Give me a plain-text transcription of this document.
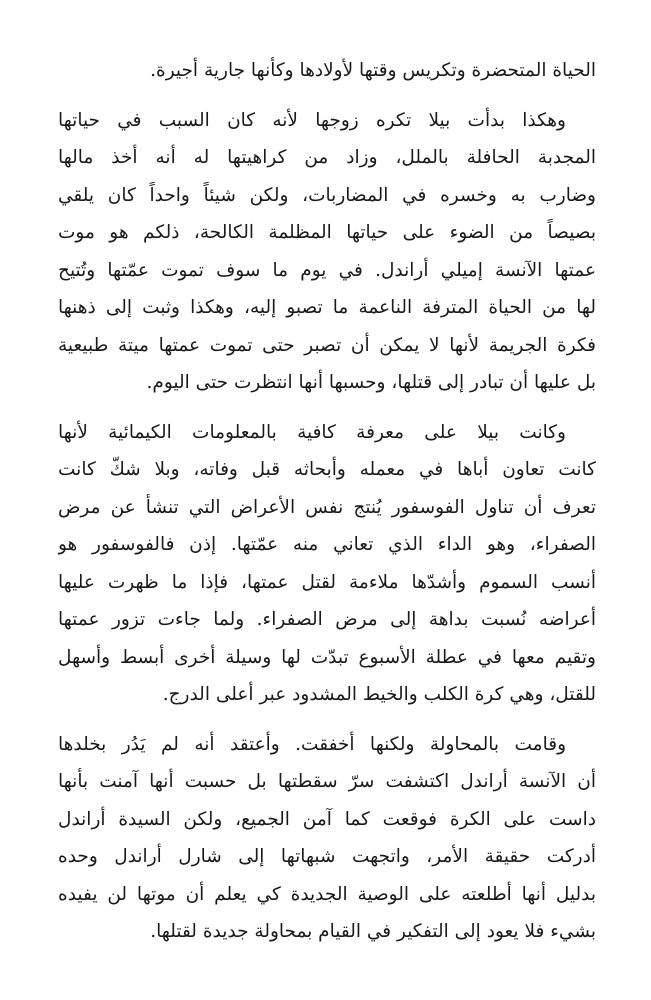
الحياة المتحضرة وتكريس وقتها لأولادها وكأنها جارية أجيرة.
وهكذا بدأت بيلا تكره زوجها لأنه كان السبب في حياتها
المجدبة الحافلة بالملل، وزاد من كراهيتها له أنه أخذ مالها
وضارب به وخسره في المضاربات، ولكن شيئاً واحداً كان يلقي
بصيصاً من الضوء على حياتها المظلمة الكالحة، ذلكم هو موت
عمتها الآنسة إميلي أراندل. في يوم ما سوف تموت عمّتها وتُتيح
لها من الحياة المترفة الناعمة ما تصبو إليه، وهكذا وثبت إلى ذهنها
فكرة الجريمة لأنها لا يمكن أن تصبر حتى تموت عمتها ميتة طبيعية
بل عليها أن تبادر إلى قتلها، وحسبها أنها انتظرت حتى اليوم.
وكانت بيلا على معرفة كافية بالمعلومات الكيمائية لأنها
كانت تعاون أباها في معمله وأبحاثه قبل وفاته، وبلا شكّ كانت
تعرف أن تناول الفوسفور يُنتج نفس الأعراض التي تنشأ عن مرض
الصفراء، وهو الداء الذي تعاني منه عمّتها. إذن فالفوسفور هو
أنسب السموم وأشدّها ملاءمة لقتل عمتها، فإذا ما ظهرت عليها
أعراضه نُسبت بداهة إلى مرض الصفراء. ولما جاءت تزور عمتها
وتقيم معها في عطلة الأسبوع تبدّت لها وسيلة أخرى أبسط وأسهل
للقتل، وهي كرة الكلب والخيط المشدود عبر أعلى الدرج.
وقامت بالمحاولة ولكنها أخفقت. وأعتقد أنه لم يَدُر بخلدها
أن الآنسة أراندل اكتشفت سرّ سقطتها بل حسبت أنها آمنت بأنها
داست على الكرة فوقعت كما آمن الجميع، ولكن السيدة أراندل
أدركت حقيقة الأمر، واتجهت شبهاتها إلى شارل أراندل وحده
بدليل أنها أطلعته على الوصية الجديدة كي يعلم أن موتها لن يفيده
بشيء فلا يعود إلى التفكير في القيام بمحاولة جديدة لقتلها.
